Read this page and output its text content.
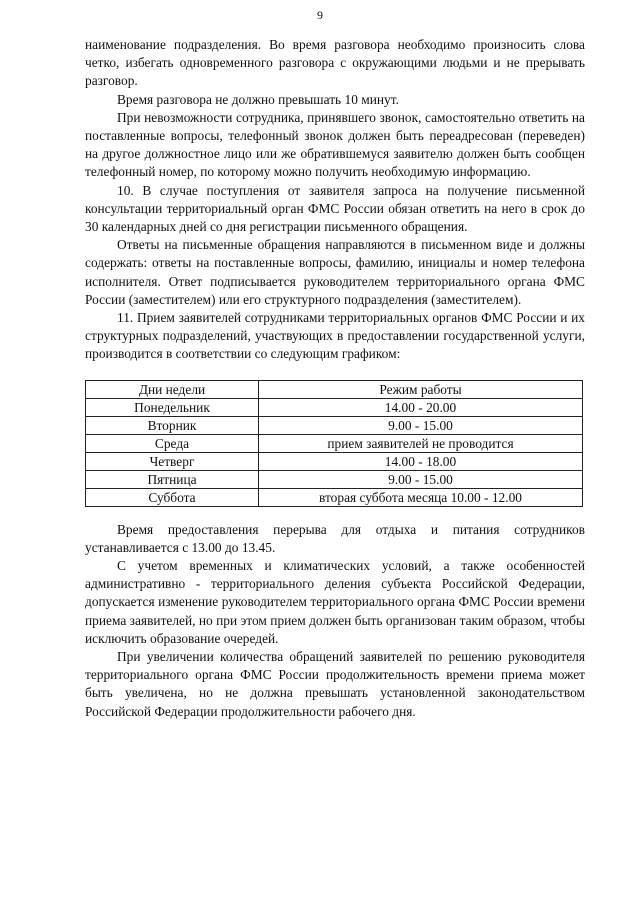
9

наименование подразделения. Во время разговора необходимо произносить слова четко, избегать одновременного разговора с окружающими людьми и не прерывать разговор.

Время разговора не должно превышать 10 минут.

При невозможности сотрудника, принявшего звонок, самостоятельно ответить на поставленные вопросы, телефонный звонок должен быть переадресован (переведен) на другое должностное лицо или же обратившемуся заявителю должен быть сообщен телефонный номер, по которому можно получить необходимую информацию.

10. В случае поступления от заявителя запроса на получение письменной консультации территориальный орган ФМС России обязан ответить на него в срок до 30 календарных дней со дня регистрации письменного обращения.

Ответы на письменные обращения направляются в письменном виде и должны содержать: ответы на поставленные вопросы, фамилию, инициалы и номер телефона исполнителя. Ответ подписывается руководителем территориального органа ФМС России (заместителем) или его структурного подразделения (заместителем).

11. Прием заявителей сотрудниками территориальных органов ФМС России и их структурных подразделений, участвующих в предоставлении государственной услуги, производится в соответствии со следующим графиком:

Дни недели	Режим работы
Понедельник	14.00 - 20.00
Вторник	9.00 - 15.00
Среда	прием заявителей не проводится
Четверг	14.00 - 18.00
Пятница	9.00 - 15.00
Суббота	вторая суббота месяца 10.00 - 12.00

Время предоставления перерыва для отдыха и питания сотрудников устанавливается с 13.00 до 13.45.

С учетом временных и климатических условий, а также особенностей административно - территориального деления субъекта Российской Федерации, допускается изменение руководителем территориального органа ФМС России времени приема заявителей, но при этом прием должен быть организован таким образом, чтобы исключить образование очередей.

При увеличении количества обращений заявителей по решению руководителя территориального органа ФМС России продолжительность времени приема может быть увеличена, но не должна превышать установленной законодательством Российской Федерации продолжительности рабочего дня.
